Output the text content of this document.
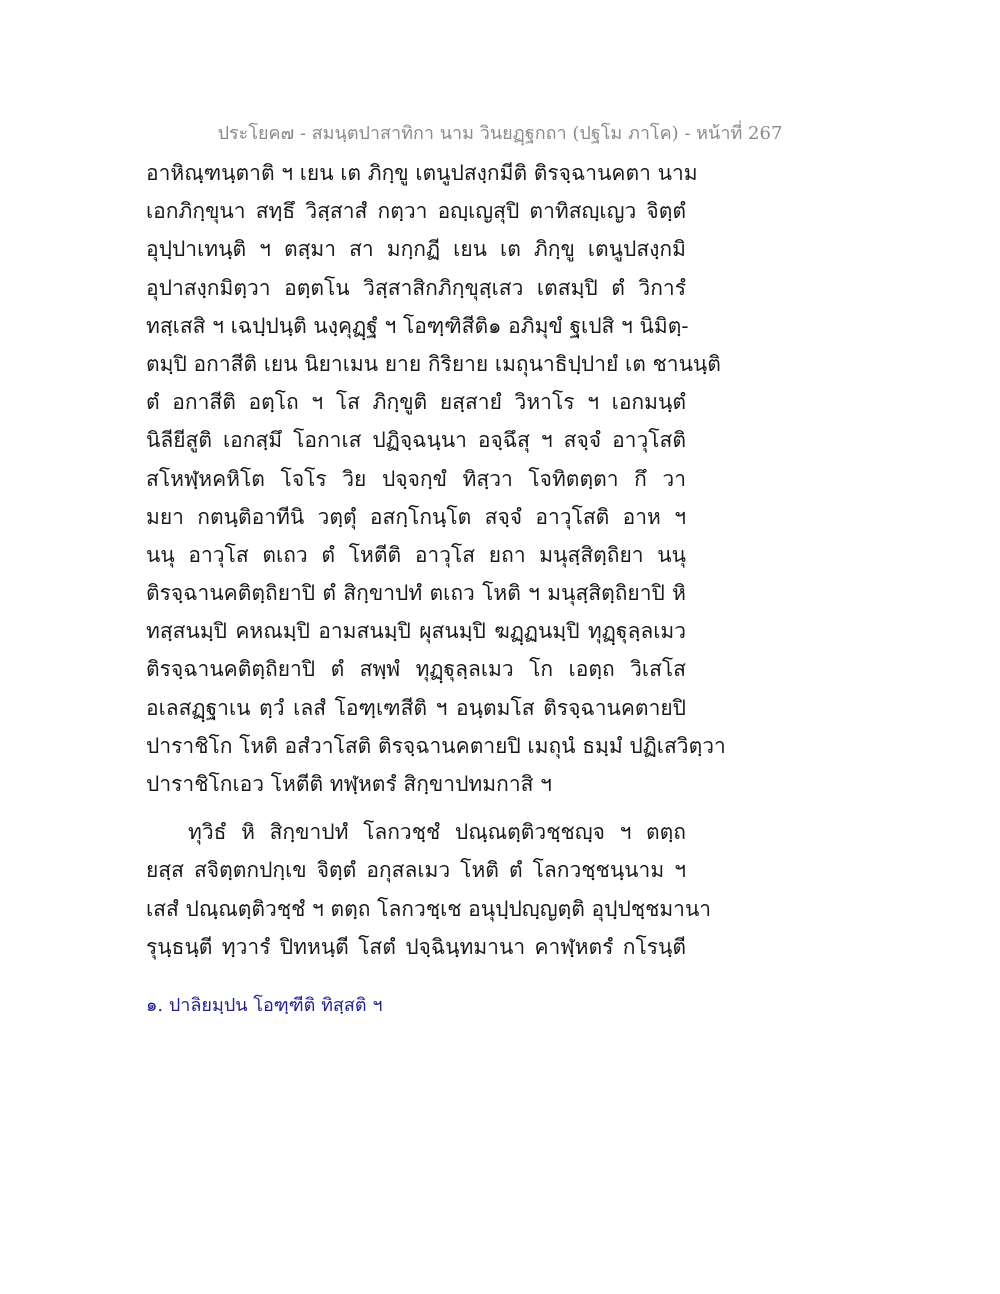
ประโยค๗ - สมนฺตปาสาทิกา นาม วินยฏฺฐกถา (ปฐโม ภาโค) - หน้าที่ 267
อาหิณฺฑนฺตาติ ฯ เยน เต ภิกฺขู เตนูปสงฺกมีติ ติรจฺฉานคตา นาม
เอกภิกฺขุนา สทฺธึ วิสฺสาสํ กตฺวา อญฺเญสุปิ ตาทิสญฺเญว จิตฺตํ
อุปฺปาเทนฺติ ฯ ตสฺมา สา มกฺกฏี เยน เต ภิกฺขู เตนูปสงฺกมิ
อุปาสงฺกมิตฺวา อตฺตโน วิสฺสาสิกภิกฺขุสฺเสว เตสมฺปิ ตํ วิการํ
ทสฺเสสิ ฯ เฉปฺปนฺติ นงฺคุฏฺฐํ ฯ โอฑฺฑิสีติ๑ อภิมุขํ ฐเปสิ ฯ นิมิตฺ-
ตมฺปิ อกาสีติ เยน นิยาเมน ยาย กิริยาย เมถุนาธิปฺปายํ เต ชานนฺติ
ตํ อกาสีติ อตฺโถ ฯ โส ภิกฺขูติ ยสฺสายํ วิหาโร ฯ เอกมนฺตํ
นิลียีสูติ เอกสฺมึ โอกาเส ปฏิจฺฉนฺนา อจฺฉึสุ ฯ สจฺจํ อาวุโสติ
สโหฬฺหคหิโต โจโร วิย ปจฺจกฺขํ ทิสฺวา โจทิตตฺตา กึ วา
มยา กตนฺติอาทีนิ วตฺตุํ อสกฺโกนฺโต สจฺจํ อาวุโสติ อาห ฯ
นนุ อาวุโส ตเถว ตํ โหตีติ อาวุโส ยถา มนุสฺสิตฺถิยา นนุ
ติรจฺฉานคติตฺถิยาปิ ตํ สิกฺขาปทํ ตเถว โหติ ฯ มนุสฺสิตฺถิยาปิ หิ
ทสฺสนมฺปิ คหณมฺปิ อามสนมฺปิ ผุสนมฺปิ ฆฏฺฏนมฺปิ ทุฏฺฐุลฺลเมว
ติรจฺฉานคติตฺถิยาปิ ตํ สพฺพํ ทุฏฺฐุลฺลเมว โก เอตฺถ วิเสโส
อเลสฏฺฐาเน ตฺวํ เลสํ โอฑฺเฑสีติ ฯ อนฺตมโส ติรจฺฉานคตายปิ
ปาราชิโก โหติ อสํวาโสติ ติรจฺฉานคตายปิ เมถุนํ ธมฺมํ ปฏิเสวิตฺวา
ปาราชิโกเอว โหตีติ ทฬฺหตรํ สิกฺขาปทมกาสิ ฯ
ทุวิธํ หิ สิกฺขาปทํ โลกวชฺชํ ปณฺณตฺติวชฺชญฺจ ฯ ตตฺถ
ยสฺส สจิตฺตกปกฺเข จิตฺตํ อกุสลเมว โหติ ตํ โลกวชฺชนฺนาม ฯ
เสสํ ปณฺณตฺติวชฺชํ ฯ ตตฺถ โลกวชฺเช อนุปฺปญฺญตฺติ อุปฺปชฺชมานา
รุนฺธนฺตี ทฺวารํ ปิทหนฺตี โสตํ ปจฺฉินฺทมานา คาฬฺหตรํ กโรนฺตี
๑. ปาลิยมฺปน โอฑฺฑีติ ทิสฺสติ ฯ
